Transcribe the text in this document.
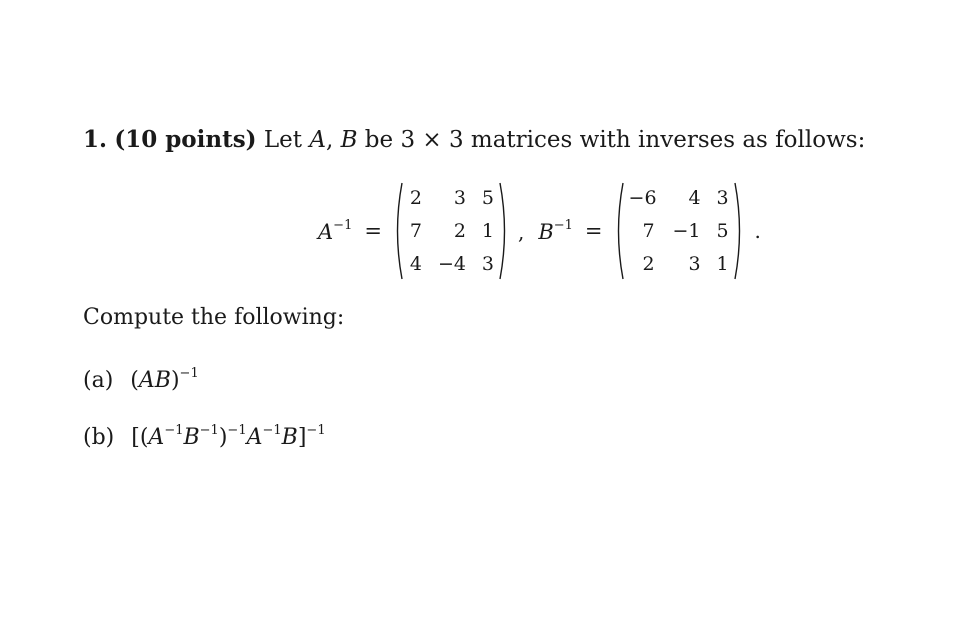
1. (10 points) Let A, B be 3 × 3 matrices with inverses as follows:
$A^{-1}$ =
2	3 5
7	2 1
4 −4 3
, $B^{-1}$ =
−6	4 3
7 −1 5
2	3 1
.
Compute the following:
(a) (AB)$^{-1}$
(b) $[(A^{-1}B^{-1})^{-1}A^{-1}B]^{-1}$
